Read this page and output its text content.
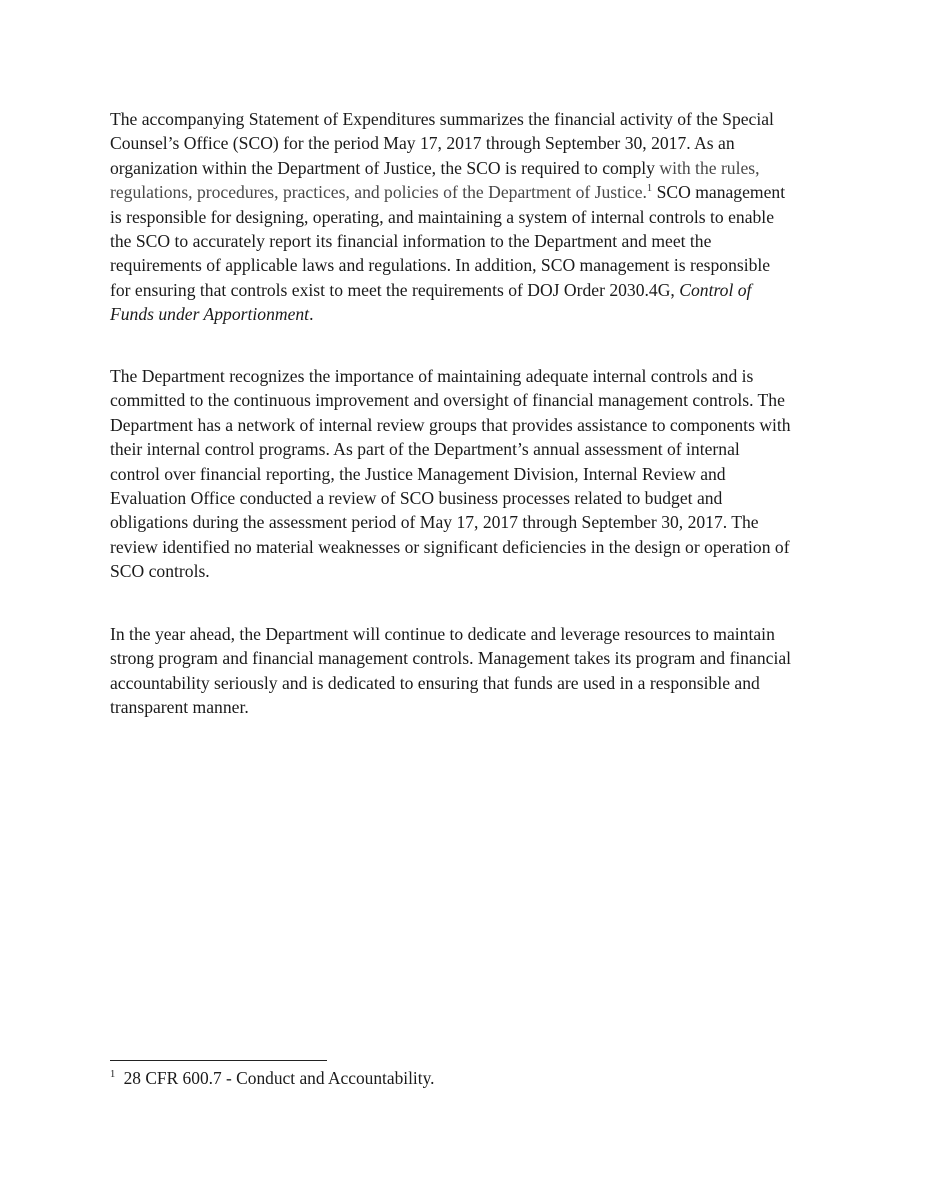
The accompanying Statement of Expenditures summarizes the financial activity of the Special
Counsel’s Office (SCO) for the period May 17, 2017 through September 30, 2017. As an
organization within the Department of Justice, the SCO is required to comply with the rules,
regulations, procedures, practices, and policies of the Department of Justice.$^1$ SCO management
is responsible for designing, operating, and maintaining a system of internal controls to enable
the SCO to accurately report its financial information to the Department and meet the
requirements of applicable laws and regulations. In addition, SCO management is responsible
for ensuring that controls exist to meet the requirements of DOJ Order 2030.4G, Control of
Funds under Apportionment.

The Department recognizes the importance of maintaining adequate internal controls and is
committed to the continuous improvement and oversight of financial management controls. The
Department has a network of internal review groups that provides assistance to components with
their internal control programs. As part of the Department’s annual assessment of internal
control over financial reporting, the Justice Management Division, Internal Review and
Evaluation Office conducted a review of SCO business processes related to budget and
obligations during the assessment period of May 17, 2017 through September 30, 2017. The
review identified no material weaknesses or significant deficiencies in the design or operation of
SCO controls.

In the year ahead, the Department will continue to dedicate and leverage resources to maintain
strong program and financial management controls. Management takes its program and financial
accountability seriously and is dedicated to ensuring that funds are used in a responsible and
transparent manner.

$^1$ 28 CFR 600.7 - Conduct and Accountability.
